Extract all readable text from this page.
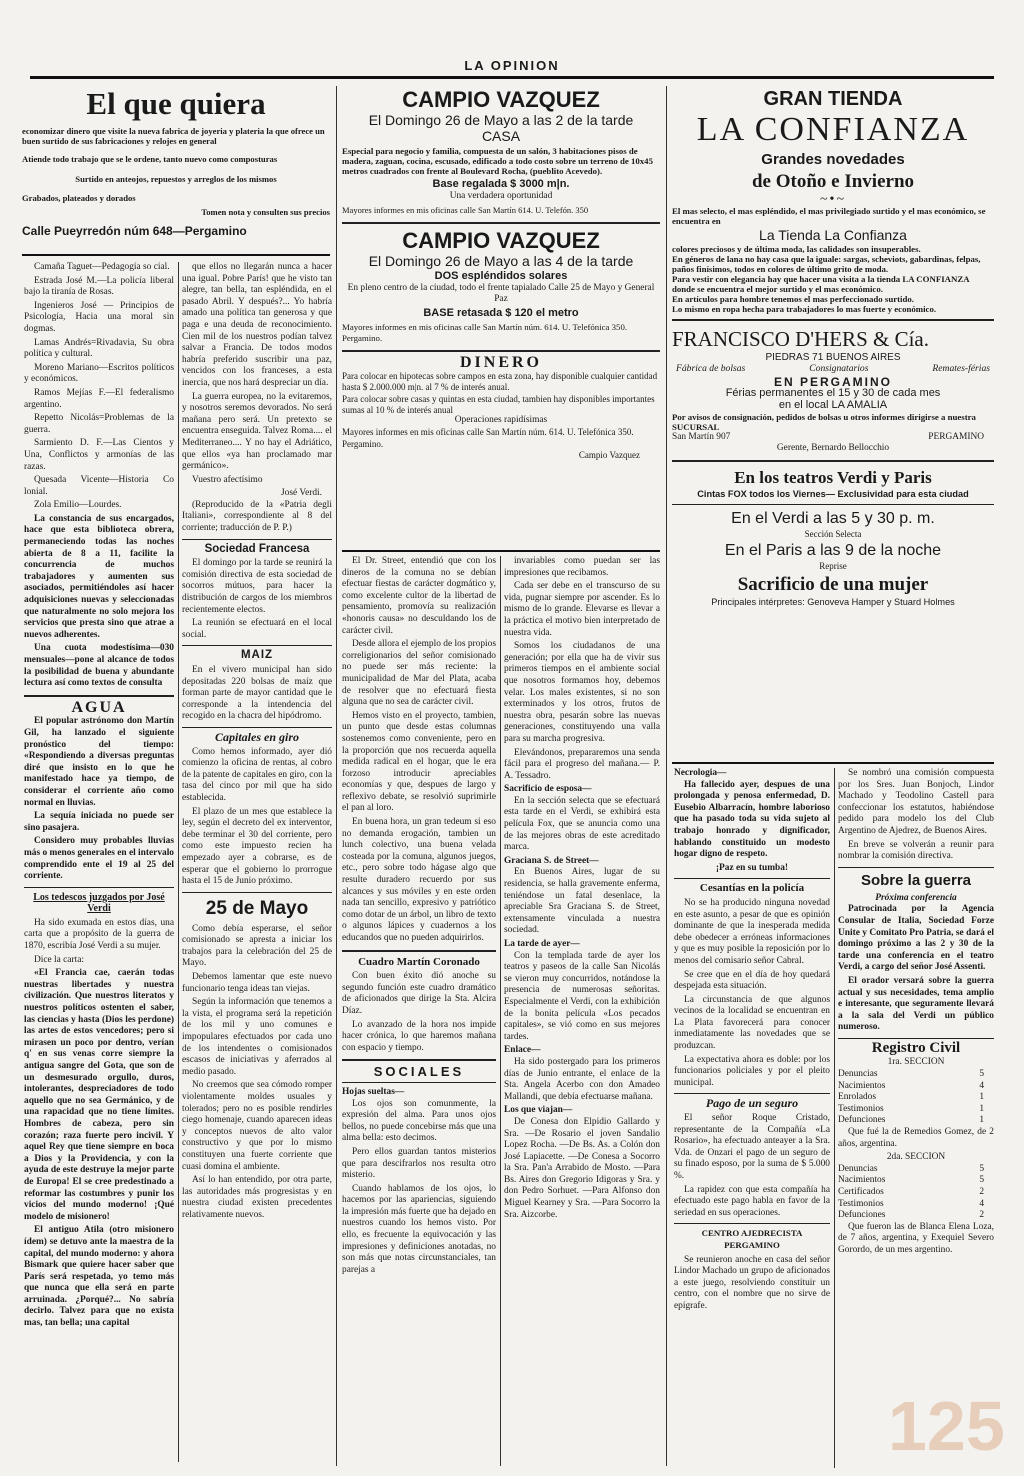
LA OPINION
El que quiera
economizar dinero que visite la nueva fabrica de joyeria y plateria la que ofrece un buen surtido de sus fabricaciones y relojes en general
Atiende todo trabajo que se le ordene, tanto nuevo como composturas
Surtido en anteojos, repuestos y arreglos de los mismos
Grabados, plateados y dorados
Tomen nota y consulten sus precios
Calle Pueyrredón núm 648—Pergamino

Camaña Taguet—Pedagogía so cial.

Estrada José M.—La policía liberal bajo la tiranía de Rosas.

Ingenieros José — Principios de Psicología, Hacia una moral sin dogmas.

Lamas Andrés=Rivadavia, Su obra política y cultural.

Moreno Mariano—Escritos políticos y económicos.

Ramos Mejías F.—El federalismo argentino.

Repetto Nicolás=Problemas de la guerra.

Sarmiento D. F.—Las Cientos y Una, Conflictos y armonías de las razas.

Quesada Vicente—Historia Co lonial.

Zola Emilio—Lourdes.

La constancia de sus encargados, hace que esta biblioteca obrera, permaneciendo todas las noches abierta de 8 a 11, facilite la concurrencia de muchos trabajadores y aumenten sus asociados, permitiéndoles así hacer adquisiciones nuevas y seleccionadas que naturalmente no solo mejora los servicios que presta sino que atrae a nuevos adherentes.

Una cuota modestísima—030 mensuales—pone al alcance de todos la posibilidad de buena y abundante lectura así como textos de consulta

AGUA

El popular astrónomo don Martín Gil, ha lanzado el siguiente pronóstico del tiempo: «Respondiendo a diversas preguntas diré que insisto en lo que he manifestado hace ya tiempo, de considerar el corriente año como normal en lluvias.

La sequía iniciada no puede ser sino pasajera.

Considero muy probables lluvias más o menos generales en el intervalo comprendido ente el 19 al 25 del corriente.

Los tedescos juzgados por José Verdi

Ha sido exumada en estos días, una carta que a propósito de la guerra de 1870, escribía José Verdi a su mujer.

Dice la carta:

«El Francia cae, caerán todas nuestras libertades y nuestra civilización. Que nuestros literatos y nuestros políticos ostenten el saber, las ciencias y hasta (Dios les perdone) las artes de estos vencedores; pero si mirasen un poco por dentro, verían q' en sus venas corre siempre la antigua sangre del Gota, que son de un desmesurado orgullo, duros, intolerantes, despreciadores de todo aquello que no sea Germánico, y de una rapacidad que no tiene límites. Hombres de cabeza, pero sin corazón; raza fuerte pero incivil. Y aquel Rey que tiene siempre en boca a Dios y la Providencia, y con la ayuda de este destruye la mejor parte de Europa! El se cree predestinado a reformar las costumbres y punir los vicios del mundo moderno! ¡Qué modelo de misionero!

El antiguo Atila (otro misionero ídem) se detuvo ante la maestra de la capital, del mundo moderno: y ahora Bismark que quiere hacer saber que París será respetada, yo temo más que nunca que ella será en parte arruinada. ¿Porqué?... No sabría decirlo. Talvez para que no exista mas, tan bella; una capital

que ellos no llegarán nunca a hacer una igual. Pobre París! que he visto tan alegre, tan bella, tan espléndida, en el pasado Abril. Y después?... Yo habría amado una política tan generosa y que paga e una deuda de reconocimiento. Cien mil de los nuestros podían talvez salvar a Francia. De todos modos habría preferido suscribir una paz, vencidos con los franceses, a esta inercia, que nos hará despreciar un día.

La guerra europea, no la evitaremos, y nosotros seremos devorados. No será mañana pero será. Un pretexto se encuentra enseguida. Talvez Roma.... el Mediterraneo.... Y no hay el Adriático, que ellos «ya han proclamado mar germánico».

Vuestro afectísimo

José Verdi.

(Reproducido de la «Patria degli Italiani», correspondiente al 8 del corriente; traducción de P. P.)

Sociedad Francesa

El domingo por la tarde se reunirá la comisión directiva de esta sociedad de socorros mútuos, para hacer la distribución de cargos de los miembros recientemente electos.

La reunión se efectuará en el local social.

MAIZ

En el vivero municipal han sido depositadas 220 bolsas de maíz que forman parte de mayor cantidad que le corresponde a la intendencia del recogido en la chacra del hipódromo.

Capitales en giro

Como hemos informado, ayer dió comienzo la oficina de rentas, al cobro de la patente de capitales en giro, con la tasa del cinco por mil que ha sido establecida.

El plazo de un mes que establece la ley, según el decreto del ex interventor, debe terminar el 30 del corriente, pero como este impuesto recien ha empezado ayer a cobrarse, es de esperar que el gobierno lo prorrogue hasta el 15 de Junio próximo.

25 de Mayo

Como debía esperarse, el señor comisionado se apresta a iniciar los trabajos para la celebración del 25 de Mayo.

Debemos lamentar que este nuevo funcionario tenga ideas tan viejas.

Según la información que tenemos a la vista, el programa será la repetición de los mil y uno comunes e impopulares efectuados por cada uno de los intendentes o comisionados escasos de iniciativas y aferrados al medio pasado.

No creemos que sea cómodo romper violentamente moldes usuales y tolerados; pero no es posible rendirles ciego homenaje, cuando aparecen ideas y conceptos nuevos de alto valor constructivo y que por lo mismo constituyen una fuerte corriente que cuasi domina el ambiente.

Así lo han entendido, por otra parte, las autoridades más progresistas y en nuestra ciudad existen precedentes relativamente nuevos.

CAMPIO VAZQUEZ
El Domingo 26 de Mayo a las 2 de la tarde
CASA
Especial para negocio y familia, compuesta de un salón, 3 habitaciones pisos de madera, zaguan, cocina, escusado, edificado a todo costo sobre un terreno de 10x45 metros cuadrados con frente al Boulevard Rocha, (pueblito Acevedo).
Base regalada $ 3000 m|n.
Una verdadera oportunidad
Mayores informes en mis oficinas calle San Martín 614. U. Telefón. 350
CAMPIO VAZQUEZ
El Domingo 26 de Mayo a las 4 de la tarde
DOS espléndidos solares
En pleno centro de la ciudad, todo el frente tapialado Calle 25 de Mayo y General Paz
BASE retasada $ 120 el metro
Mayores informes en mis oficinas calle San Martín núm. 614. U. Telefónica 350. Pergamino.
DINERO
Para colocar en hipotecas sobre campos en esta zona, hay disponible cualquier cantidad hasta $ 2.000.000 m|n. al 7 % de interés anual.
Para colocar sobre casas y quintas en esta ciudad, tambien hay disponibles importantes sumas al 10 % de interés anual
Operaciones rapidísimas
Mayores informes en mis oficinas calle San Martín núm. 614. U. Telefónica 350. Pergamino.
Campio Vazquez

El Dr. Street, entendió que con los dineros de la comuna no se debían efectuar fiestas de carácter dogmático y, como excelente cultor de la libertad de pensamiento, promovía su realización «honoris causa» no desculdando los de carácter civil.

Desde allora el ejemplo de los propios correligionarios del señor comisionado no puede ser más reciente: la municipalidad de Mar del Plata, acaba de resolver que no efectuará fiesta alguna que no sea de carácter civil.

Hemos visto en el proyecto, tambien, un punto que desde estas columnas sostenemos como conveniente, pero en la proporción que nos recuerda aquella medida radical en el hogar, que le era forzoso introducir apreciables economías y que, despues de largo y reflexivo debate, se resolvió suprimirle el pan al loro.

En buena hora, un gran tedeum si eso no demanda erogación, tambien un lunch colectivo, una buena velada costeada por la comuna, algunos juegos, etc., pero sobre todo hágase algo que resulte duradero recuerdo por sus alcances y sus móviles y en este orden nada tan sencillo, expresivo y patriótico como dotar de un árbol, un libro de texto o algunos lápices y cuadernos a los educandos que no pueden adquirirlos.

Cuadro Martín Coronado

Con buen éxito dió anoche su segundo función este cuadro dramático de aficionados que dirige la Sta. Alcira Díaz.

Lo avanzado de la hora nos impide hacer crónica, lo que haremos mañana con espacio y tiempo.

SOCIALES
Hojas sueltas—

Los ojos son comunmente, la expresión del alma. Para unos ojos bellos, no puede concebirse más que una alma bella: esto decimos.

Pero ellos guardan tantos misterios que para descifrarlos nos resulta otro misterio.

Cuando hablamos de los ojos, lo hacemos por las apariencias, siguiendo la impresión más fuerte que ha dejado en nuestros cuando los hemos visto. Por ello, es frecuente la equivocación y las impresiones y definiciones anotadas, no son más que notas circunstanciales, tan parejas a

invariables como puedan ser las impresiones que recibamos.

Cada ser debe en el transcurso de su vida, pugnar siempre por ascender. Es lo mismo de lo grande. Elevarse es llevar a la práctica el motivo bien interpretado de nuestra vida.

Somos los ciudadanos de una generación; por ella que ha de vivir sus primeros tiempos en el ambiente social que nosotros formamos hoy, debemos velar. Los males existentes, si no son exterminados y los otros, frutos de nuestra obra, pesarán sobre las nuevas generaciones, constituyendo una valla para su marcha progresiva.

Elevándonos, prepararemos una senda fácil para el progreso del mañana.— P. A. Tessadro.

Sacrificio de esposa—

En la sección selecta que se efectuará esta tarde en el Verdi, se exhibirá esta película Fox, que se anuncia como una de las mejores obras de este acreditado marca.

Graciana S. de Street—

En Buenos Aires, lugar de su residencia, se halla gravemente enferma, teniéndose un fatal desenlace, la apreciable Sra Graciana S. de Street, extensamente vinculada a nuestra sociedad.

La tarde de ayer—

Con la templada tarde de ayer los teatros y paseos de la calle San Nicolás se vieron muy concurridos, notándose la presencia de numerosas señoritas. Especialmente el Verdi, con la exhibición de la bonita película «Los pecados capitales», se vió como en sus mejores tardes.

Enlace—

Ha sido postergado para los primeros días de Junio entrante, el enlace de la Sta. Angela Acerbo con don Amadeo Mallandi, que debía efectuarse mañana.

Los que viajan—

De Conesa don Elpidio Gallardo y Sra. —De Rosario el joven Sandalio Lopez Rocha. —De Bs. As. a Colón don José Lapiacette. —De Conesa a Socorro la Sra. Pan'a Arrabido de Mosto. —Para Bs. Aires don Gregorio Idigoras y Sra. y don Pedro Sorhuet. —Para Alfonso don Miguel Kearney y Sra. —Para Socorro la Sra. Aizcorbe.

GRAN TIENDA
LA CONFIANZA
Grandes novedades
de Otoño e Invierno
~•~
El mas selecto, el mas espléndido, el mas privilegiado surtido y el mas económico, se encuentra en
La Tienda La Confianza
colores preciosos y de última moda, las calidades son insuperables.
En géneros de lana no hay casa que la iguale: sargas, scheviots, gabardinas, felpas, paños finísimos, todos en colores de último grito de moda.
Para vestir con elegancia hay que hacer una visita a la tienda LA CONFIANZA donde se encuentra el mejor surtido y el mas económico.
En artículos para hombre tenemos el mas perfeccionado surtido.
Lo mismo en ropa hecha para trabajadores lo mas fuerte y económico.
FRANCISCO D'HERS & Cía.
PIEDRAS 71 BUENOS AIRES
Fábrica de bolsas	Consignatarios	Remates-férias
EN PERGAMINO
Férias permanentes el 15 y 30 de cada mes
en el local LA AMALIA
Por avisos de consignación, pedidos de bolsas u otros informes dirigirse a nuestra SUCURSAL
San Martín 907	PERGAMINO
Gerente, Bernardo Bellocchio
En los teatros Verdi y Paris
Cintas FOX todos los Viernes— Exclusividad para esta ciudad
En el Verdi a las 5 y 30 p. m.
Sección Selecta
En el Paris a las 9 de la noche
Reprise
Sacrificio de una mujer
Principales intérpretes: Genoveva Hamper y Stuard Holmes
Necrologia—

Ha fallecido ayer, despues de una prolongada y penosa enfermedad, D. Eusebio Albarracín, hombre laborioso que ha pasado toda su vida sujeto al trabajo honrado y dignificador, hablando constituido un modesto hogar digno de respeto.

¡Paz en su tumba!
Cesantías en la policía

No se ha producido ninguna novedad en este asunto, a pesar de que es opinión dominante de que la inesperada medida debe obedecer a erróneas informaciones y que es muy posible la reposición por lo menos del comisario señor Cabral.

Se cree que en el día de hoy quedará despejada esta situación.

La circunstancia de que algunos vecinos de la localidad se encuentran en La Plata favorecerá para conocer inmediatamente las novedades que se produzcan.

La expectativa ahora es doble: por los funcionarios policiales y por el pleito municipal.

Pago de un seguro

El señor Roque Cristado, representante de la Compañía «La Rosario», ha efectuado anteayer a la Sra. Vda. de Onzari el pago de un seguro de su finado esposo, por la suma de $ 5.000 %.

La rapidez con que esta compañía ha efectuado este pago habla en favor de la seriedad en sus operaciones.

CENTRO AJEDRECISTA PERGAMINO

Se reunieron anoche en casa del señor Lindor Machado un grupo de aficionados a este juego, resolviendo constituir un centro, con el nombre que no sirve de epígrafe.

Se nombró una comisión compuesta por los Sres. Juan Bonjoch, Lindor Machado y Teodolino Castell para confeccionar los estatutos, habiéndose pedido para modelo los del Club Argentino de Ajedrez, de Buenos Aires.

En breve se volverán a reunir para nombrar la comisión directiva.

Sobre la guerra
Próxima conferencia

Patrocinada por la Agencia Consular de Italia, Sociedad Forze Unite y Comitato Pro Patria, se dará el domingo próximo a las 2 y 30 de la tarde una conferencia en el teatro Verdi, a cargo del señor José Assenti.

El orador versará sobre la guerra actual y sus necesidades, tema amplio e interesante, que seguramente llevará a la sala del Verdi un público numeroso.

Registro Civil
1ra. SECCION
Denuncias	5
Nacimientos	4
Enrolados	1
Testimonios	1
Defunciones	1

Que fué la de Remedios Gomez, de 2 años, argentina.

2da. SECCION
Denuncias	5
Nacimientos	5
Certificados	2
Testimonios	4
Defunciones	2

Que fueron las de Blanca Elena Loza, de 7 años, argentina, y Exequiel Severo Gorordo, de un mes argentino.

125
